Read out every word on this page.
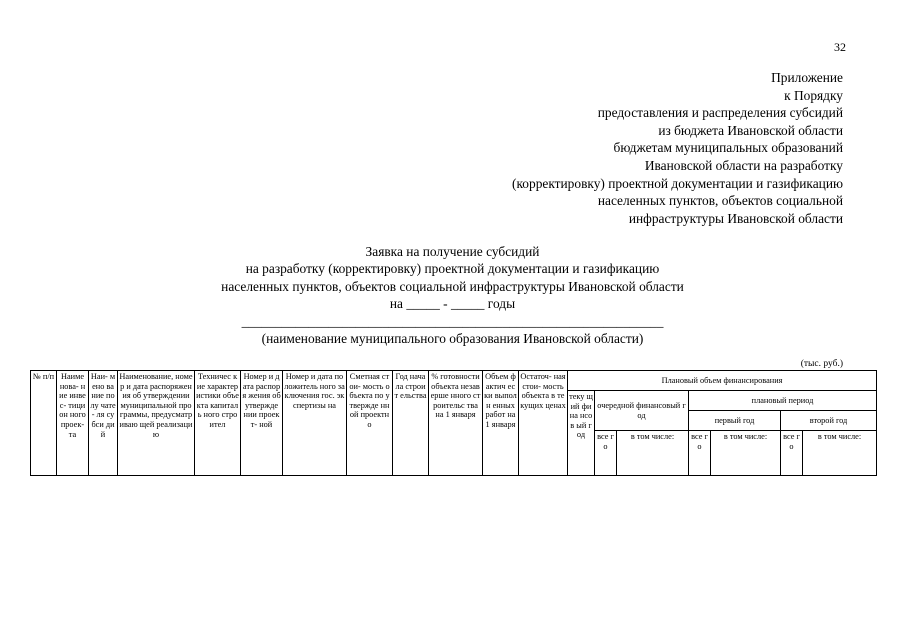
32
Приложение
к Порядку
предоставления и распределения субсидий
из бюджета Ивановской области
бюджетам муниципальных образований
Ивановской области на разработку
(корректировку) проектной документации и газификацию
населенных пунктов, объектов социальной
инфраструктуры Ивановской области
Заявка на получение субсидий
на разработку (корректировку) проектной документации и газификацию
населенных пунктов, объектов социальной инфраструктуры Ивановской области
на _____ - _____ годы
_______________________________________________________________
(наименование муниципального образования Ивановской области)
(тыс. руб.)
№ п/п	Наиме нова- ние инвес- тицион ного проек- та	Наи- мено вание полу чате- ля субси дий	Наименование, номер и дата распоряжения об утверждении муниципальной программы, предусматриваю щей реализацию	Техничес кие характер истики объекта капиталь ного строител	Номер и дата распоря жения об утвержде нии проект- ной	Номер и дата положитель ного заключения гос. экспертизы на	Сметная стои- мость объекта по утвержде нной проектно	Год начала строит ельства	% готовности объекта незаверше нного строительс тва на 1 января	Объем фактич ески выполн енных работ на 1 января	Остаточ- ная стои- мость объекта в текущих ценах	Плановый объем финансирования						
												теку щий фина нсов ый год	очередной финансовый год		плановый период			
															первый год		второй год	
													все го	в том числе:	все го	в том числе:	все го	в том числе:
